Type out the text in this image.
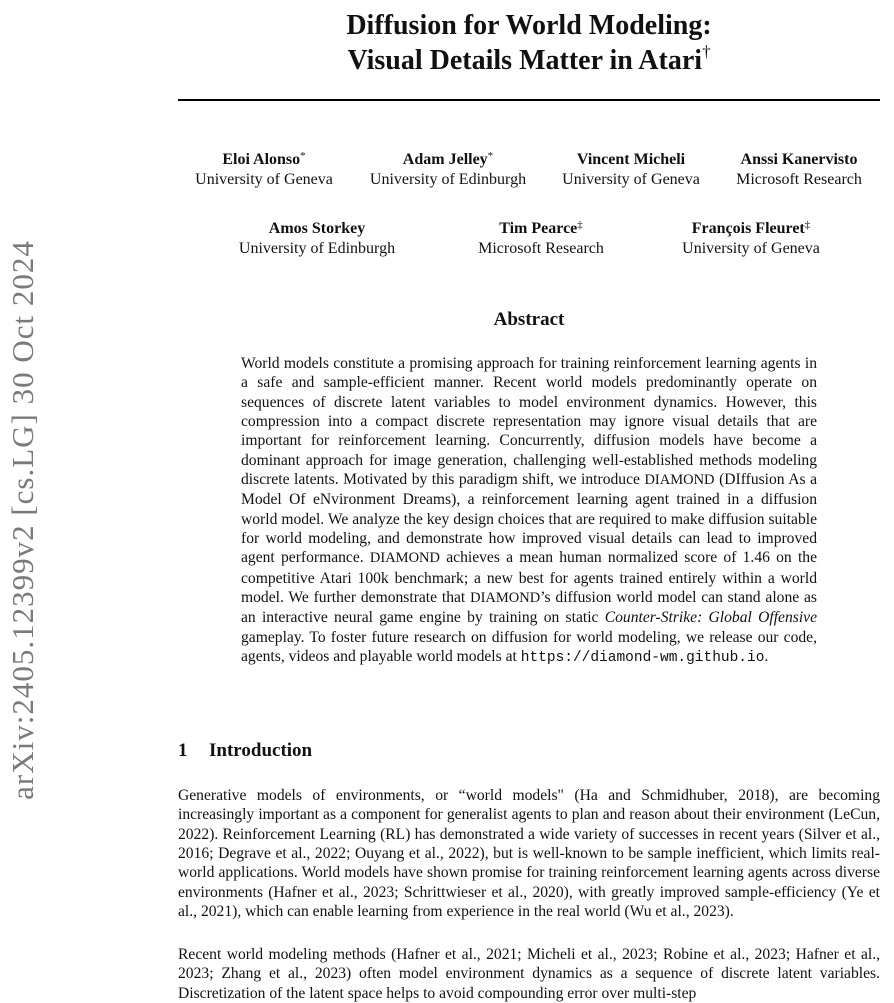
arXiv:2405.12399v2 [cs.LG] 30 Oct 2024
Diffusion for World Modeling:
Visual Details Matter in Atari†
Eloi Alonso*
University of Geneva
Adam Jelley*
University of Edinburgh
Vincent Micheli
University of Geneva
Anssi Kanervisto
Microsoft Research
Amos Storkey
University of Edinburgh
Tim Pearce‡
Microsoft Research
François Fleuret‡
University of Geneva
Abstract
World models constitute a promising approach for training reinforcement learning agents in a safe and sample-efficient manner. Recent world models predominantly operate on sequences of discrete latent variables to model environment dynamics. However, this compression into a compact discrete representation may ignore visual details that are important for reinforcement learning. Concurrently, diffusion models have become a dominant approach for image generation, challenging well-established methods modeling discrete latents. Motivated by this paradigm shift, we introduce DIAMOND (DIffusion As a Model Of eNvironment Dreams), a reinforcement learning agent trained in a diffusion world model. We analyze the key design choices that are required to make diffusion suitable for world modeling, and demonstrate how improved visual details can lead to improved agent performance. DIAMOND achieves a mean human normalized score of 1.46 on the competitive Atari 100k benchmark; a new best for agents trained entirely within a world model. We further demonstrate that DIAMOND’s diffusion world model can stand alone as an interactive neural game engine by training on static Counter-Strike: Global Offensive gameplay. To foster future research on diffusion for world modeling, we release our code, agents, videos and playable world models at https://diamond-wm.github.io.
1 Introduction
Generative models of environments, or “world models" (Ha and Schmidhuber, 2018), are becoming increasingly important as a component for generalist agents to plan and reason about their environment (LeCun, 2022). Reinforcement Learning (RL) has demonstrated a wide variety of successes in recent years (Silver et al., 2016; Degrave et al., 2022; Ouyang et al., 2022), but is well-known to be sample inefficient, which limits real-world applications. World models have shown promise for training reinforcement learning agents across diverse environments (Hafner et al., 2023; Schrittwieser et al., 2020), with greatly improved sample-efficiency (Ye et al., 2021), which can enable learning from experience in the real world (Wu et al., 2023).
Recent world modeling methods (Hafner et al., 2021; Micheli et al., 2023; Robine et al., 2023; Hafner et al., 2023; Zhang et al., 2023) often model environment dynamics as a sequence of discrete latent variables. Discretization of the latent space helps to avoid compounding error over multi-step
